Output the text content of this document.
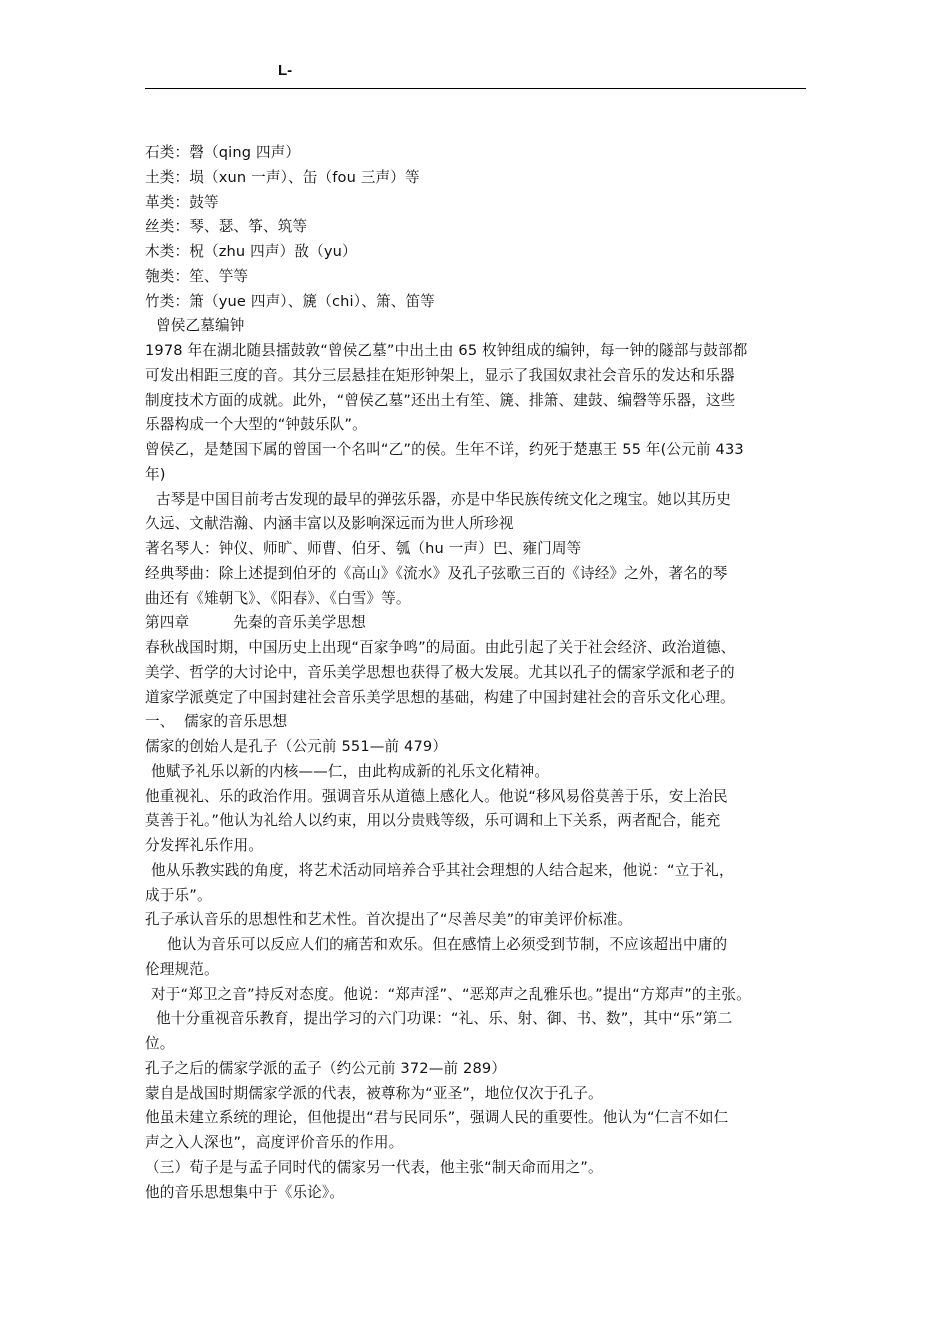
L-

石类：磬（qing 四声）

土类：埙（xun 一声）、缶（fou 三声）等

革类：鼓等

丝类：琴、瑟、筝、筑等

木类：柷（zhu 四声）敔（yu）

匏类：笙、竽等

竹类：箫（yue 四声）、篪（chi）、箫、笛等

曾侯乙墓编钟

1978 年在湖北随县擂鼓敦“曾侯乙墓”中出土由 65 枚钟组成的编钟，每一钟的隧部与鼓部都

可发出相距三度的音。其分三层悬挂在矩形钟架上，显示了我国奴隶社会音乐的发达和乐器

制度技术方面的成就。此外，“曾侯乙墓”还出土有笙、篪、排箫、建鼓、编磬等乐器，这些

乐器构成一个大型的“钟鼓乐队”。

曾侯乙，是楚国下属的曾国一个名叫“乙”的侯。生年不详，约死于楚惠王 55 年(公元前 433

年)

古琴是中国目前考古发现的最早的弹弦乐器，亦是中华民族传统文化之瑰宝。她以其历史

久远、文献浩瀚、内涵丰富以及影响深远而为世人所珍视

著名琴人：钟仪、师旷、师曹、伯牙、瓠（hu 一声）巴、雍门周等

经典琴曲：除上述提到伯牙的《高山》《流水》及孔子弦歌三百的《诗经》之外，著名的琴

曲还有《雉朝飞》、《阳春》、《白雪》等。

第四章	先秦的音乐美学思想

春秋战国时期，中国历史上出现“百家争鸣”的局面。由此引起了关于社会经济、政治道德、

美学、哲学的大讨论中，音乐美学思想也获得了极大发展。尤其以孔子的儒家学派和老子的

道家学派奠定了中国封建社会音乐美学思想的基础，构建了中国封建社会的音乐文化心理。

一、  儒家的音乐思想

儒家的创始人是孔子（公元前 551—前 479）

他赋予礼乐以新的内核——仁，由此构成新的礼乐文化精神。

他重视礼、乐的政治作用。强调音乐从道德上感化人。他说“移风易俗莫善于乐，安上治民

莫善于礼。”他认为礼给人以约束，用以分贵贱等级，乐可调和上下关系，两者配合，能充

分发挥礼乐作用。

他从乐教实践的角度，将艺术活动同培养合乎其社会理想的人结合起来，他说：“立于礼，

成于乐”。

孔子承认音乐的思想性和艺术性。首次提出了“尽善尽美”的审美评价标准。

他认为音乐可以反应人们的痛苦和欢乐。但在感情上必须受到节制，不应该超出中庸的

伦理规范。

对于“郑卫之音”持反对态度。他说：“郑声淫”、“恶郑声之乱雅乐也。”提出“方郑声”的主张。

他十分重视音乐教育，提出学习的六门功课：“礼、乐、射、御、书、数”，其中“乐”第二

位。

孔子之后的儒家学派的孟子（约公元前 372—前 289）

蒙自是战国时期儒家学派的代表，被尊称为“亚圣”，地位仅次于孔子。

他虽未建立系统的理论，但他提出“君与民同乐”，强调人民的重要性。他认为“仁言不如仁

声之入人深也”，高度评价音乐的作用。

（三）荀子是与孟子同时代的儒家另一代表，他主张“制天命而用之”。

他的音乐思想集中于《乐论》。
